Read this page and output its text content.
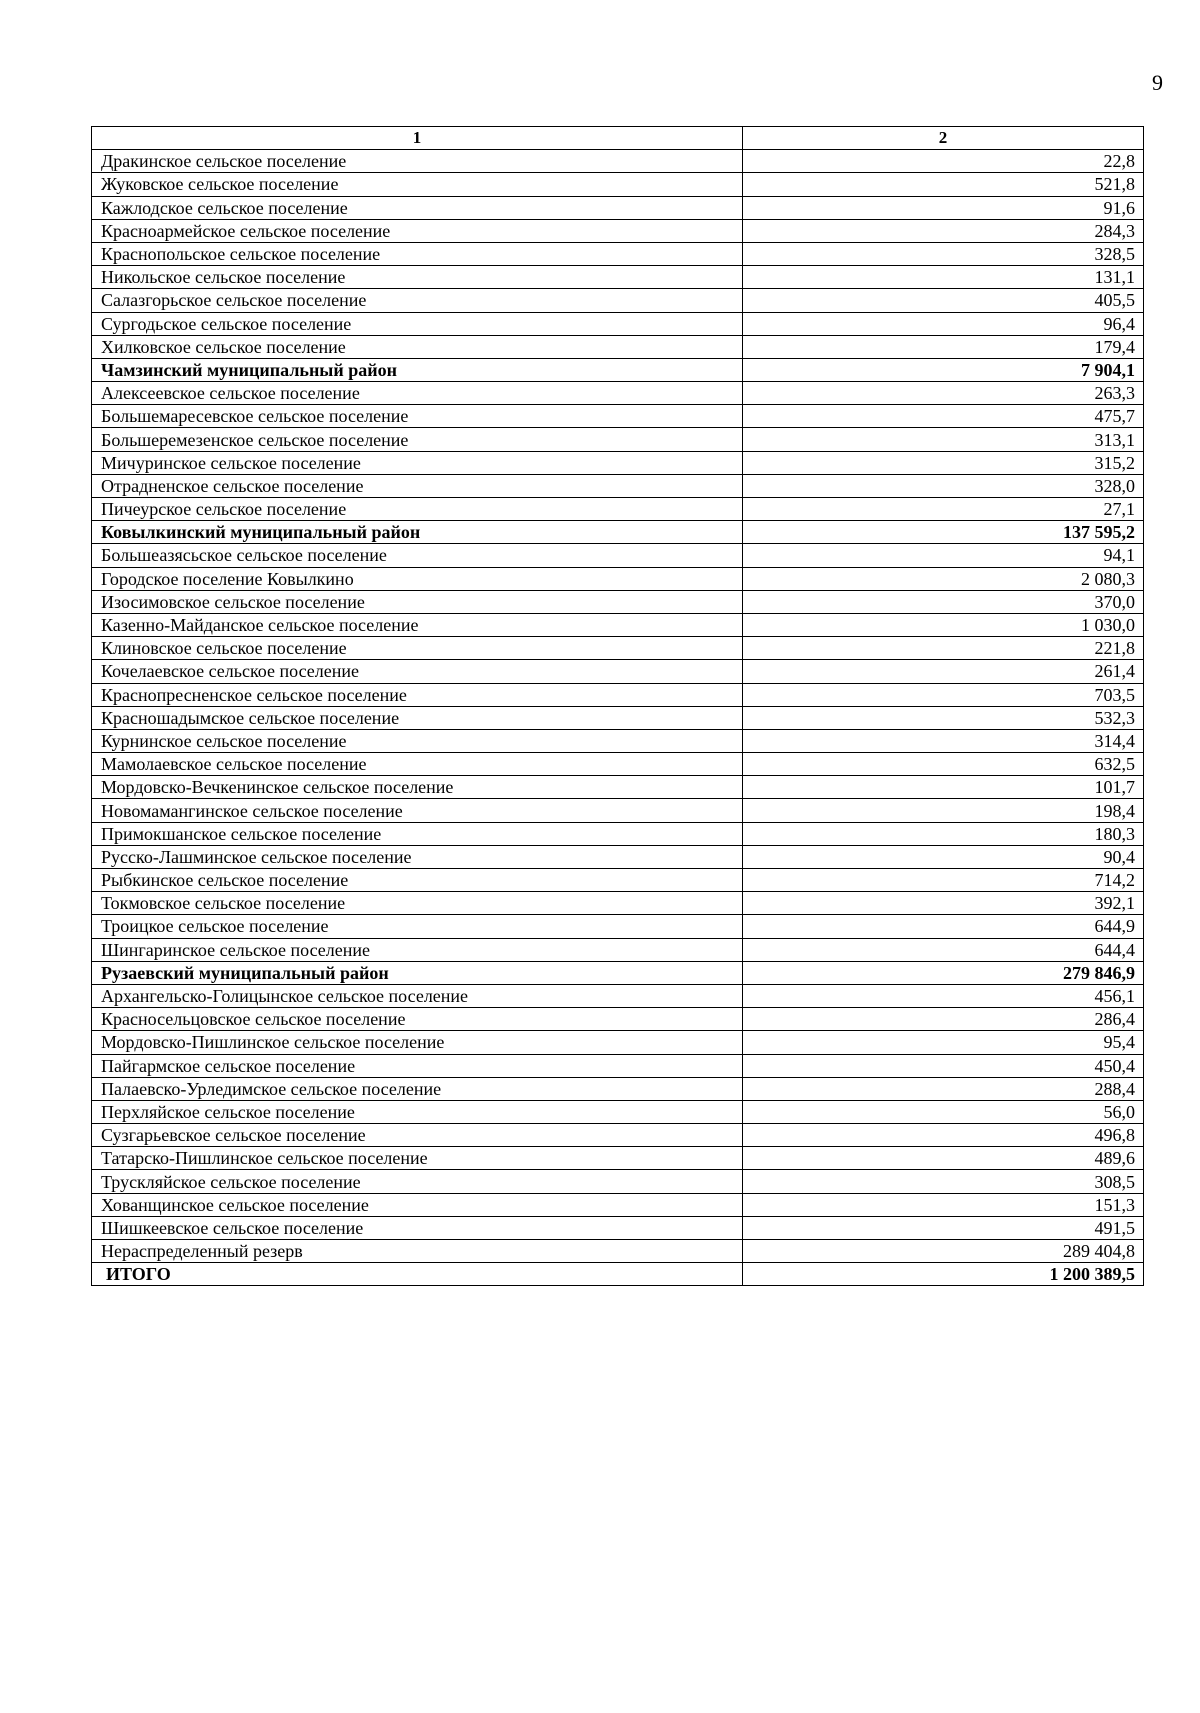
9
1	2
Дракинское сельское поселение	22,8
Жуковское сельское поселение	521,8
Кажлодское сельское поселение	91,6
Красноармейское сельское поселение	284,3
Краснопольское сельское поселение	328,5
Никольское сельское поселение	131,1
Салазгорьское сельское поселение	405,5
Сургодьское сельское поселение	96,4
Хилковское сельское поселение	179,4
Чамзинский муниципальный район	7 904,1
Алексеевское сельское поселение	263,3
Большемаресевское сельское поселение	475,7
Большеремезенское сельское поселение	313,1
Мичуринское сельское поселение	315,2
Отрадненское сельское поселение	328,0
Пичеурское сельское поселение	27,1
Ковылкинский муниципальный район	137 595,2
Большеазясьское сельское поселение	94,1
Городское поселение Ковылкино	2 080,3
Изосимовское сельское поселение	370,0
Казенно-Майданское сельское поселение	1 030,0
Клиновское сельское поселение	221,8
Кочелаевское сельское поселение	261,4
Краснопресненское сельское поселение	703,5
Красношадымское сельское поселение	532,3
Курнинское сельское поселение	314,4
Мамолаевское сельское поселение	632,5
Мордовско-Вечкенинское сельское поселение	101,7
Новомамангинское сельское поселение	198,4
Примокшанское сельское поселение	180,3
Русско-Лашминское сельское поселение	90,4
Рыбкинское сельское поселение	714,2
Токмовское сельское поселение	392,1
Троицкое сельское поселение	644,9
Шингаринское сельское поселение	644,4
Рузаевский муниципальный район	279 846,9
Архангельско-Голицынское сельское поселение	456,1
Красносельцовское сельское поселение	286,4
Мордовско-Пишлинское сельское поселение	95,4
Пайгармское сельское поселение	450,4
Палаевско-Урледимское сельское поселение	288,4
Перхляйское сельское поселение	56,0
Сузгарьевское сельское поселение	496,8
Татарско-Пишлинское сельское поселение	489,6
Трускляйское сельское поселение	308,5
Хованщинское сельское поселение	151,3
Шишкеевское сельское поселение	491,5
Нераспределенный резерв	289 404,8
ИТОГО	1 200 389,5
